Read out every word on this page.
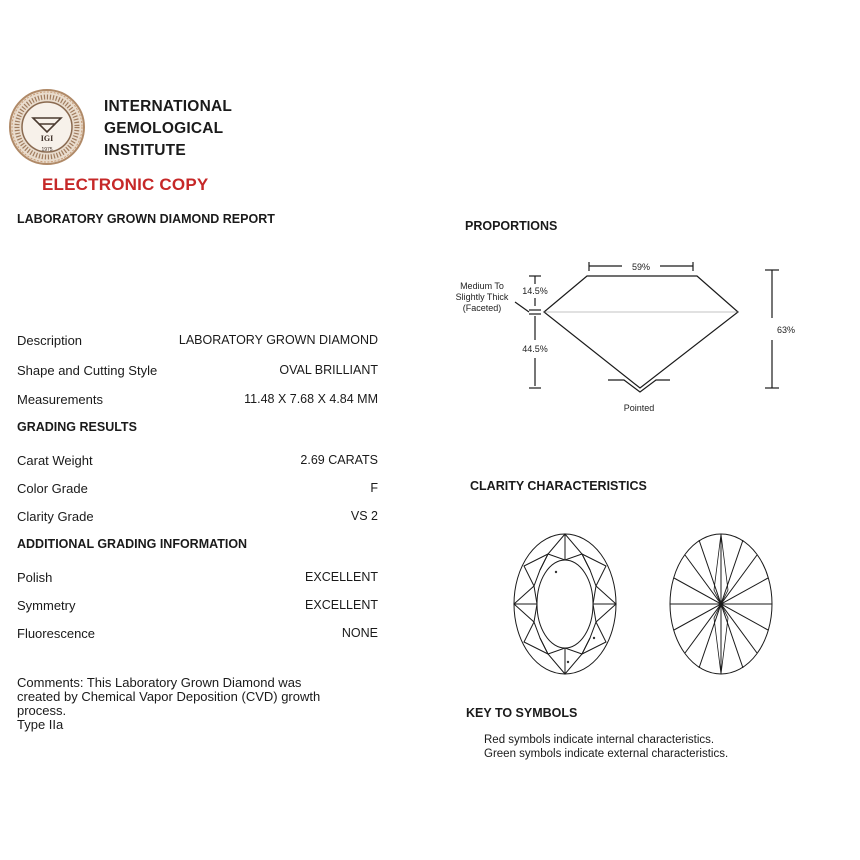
IGI
1975
INTERNATIONAL
GEMOLOGICAL
INSTITUTE
ELECTRONIC COPY
LABORATORY GROWN DIAMOND REPORT
Description	LABORATORY GROWN DIAMOND
Shape and Cutting Style	OVAL BRILLIANT
Measurements	11.48 X 7.68 X 4.84 MM
GRADING RESULTS
Carat Weight	2.69 CARATS
Color Grade	F
Clarity Grade	VS 2
ADDITIONAL GRADING INFORMATION
Polish	EXCELLENT
Symmetry	EXCELLENT
Fluorescence	NONE
Comments: This Laboratory Grown Diamond was
created by Chemical Vapor Deposition (CVD) growth
process.
Type IIa
PROPORTIONS
CLARITY CHARACTERISTICS
KEY TO SYMBOLS
Red symbols indicate internal characteristics.
Green symbols indicate external characteristics.
59%
63%
14.5%
44.5%
Medium To
Slightly Thick
(Faceted)
Pointed
